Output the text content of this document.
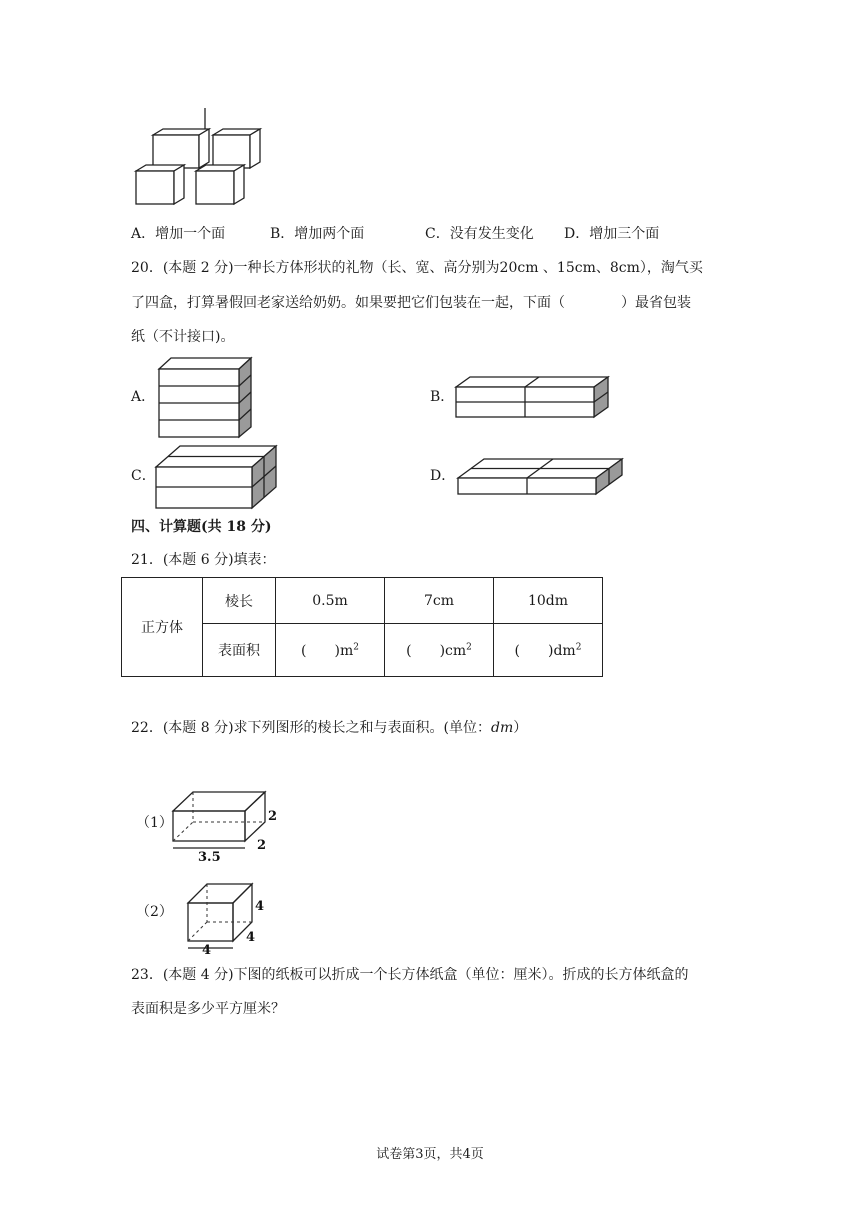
A．增加一个面	B．增加两个面	C．没有发生变化 D．增加三个面
20．(本题 2 分)一种长方体形状的礼物（长、宽、高分别为20cm 、15cm、8cm），淘气买
了四盒，打算暑假回老家送给奶奶。如果要把它们包装在一起，下面（　　　　）最省包装
纸（不计接口)。
A．	B．
C．	D．
四、计算题(共 18 分)
21．(本题 6 分)填表：
正方体	棱长	0.5m	7cm	10dm
	表面积	(　　)$m^2$	(　　)$cm^2$	(　　)$dm^2$
22．(本题 8 分)求下列图形的棱长之和与表面积。(单位：dm）
（1）
3.5
2
2
（2）
4
4
4
23．(本题 4 分)下图的纸板可以折成一个长方体纸盒（单位：厘米）。折成的长方体纸盒的
表面积是多少平方厘米？
试卷第3页，共4页
